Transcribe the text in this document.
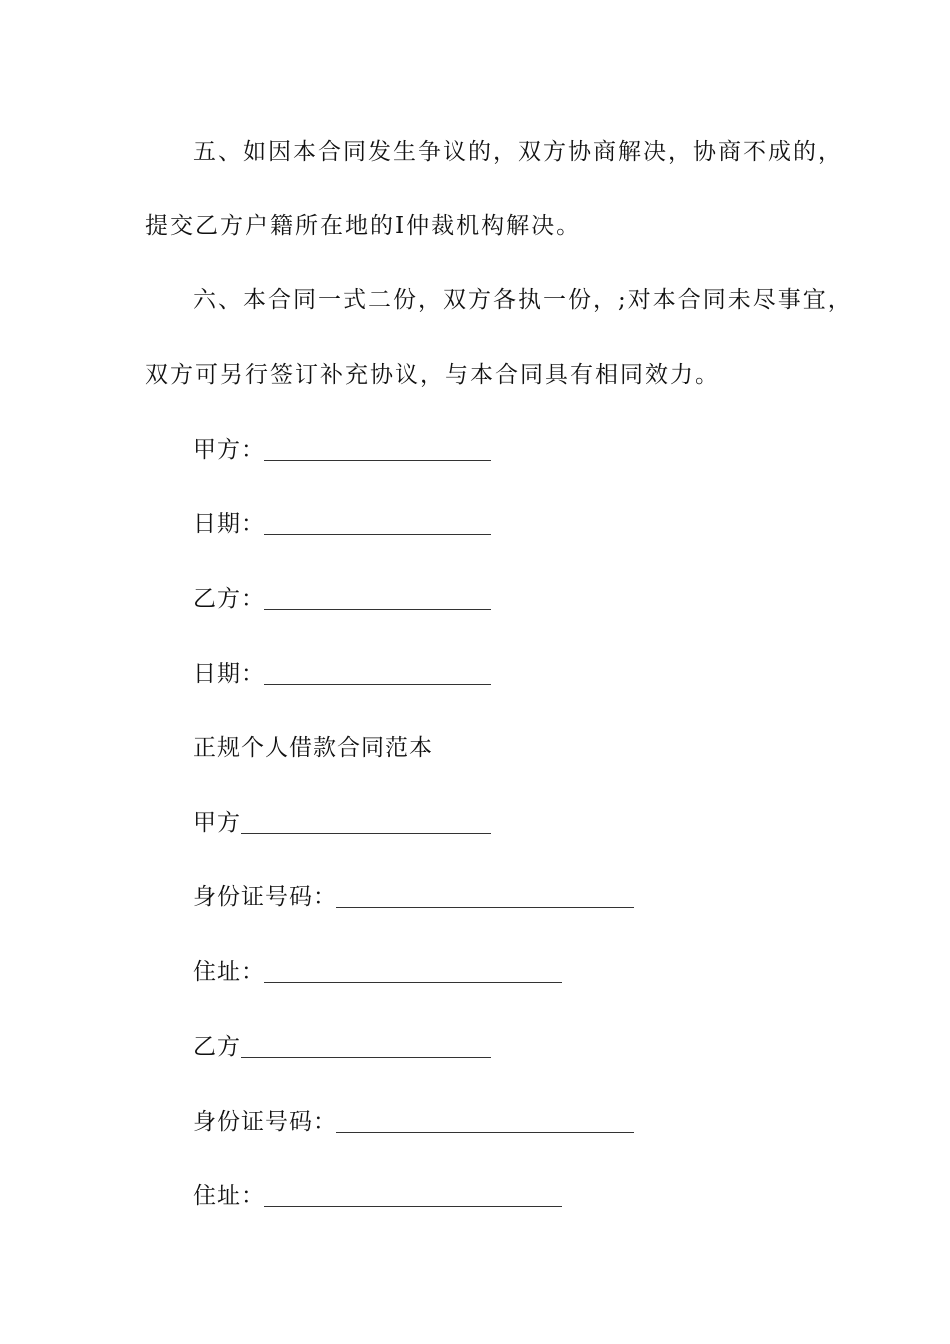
五、如因本合同发生争议的，双方协商解决，协商不成的，
提交乙方户籍所在地的I仲裁机构解决。
六、本合同一式二份，双方各执一份，;对本合同未尽事宜，
双方可另行签订补充协议，与本合同具有相同效力。
甲方：
日期：
乙方：
日期：
正规个人借款合同范本
甲方
身份证号码：
住址：
乙方
身份证号码：
住址：
